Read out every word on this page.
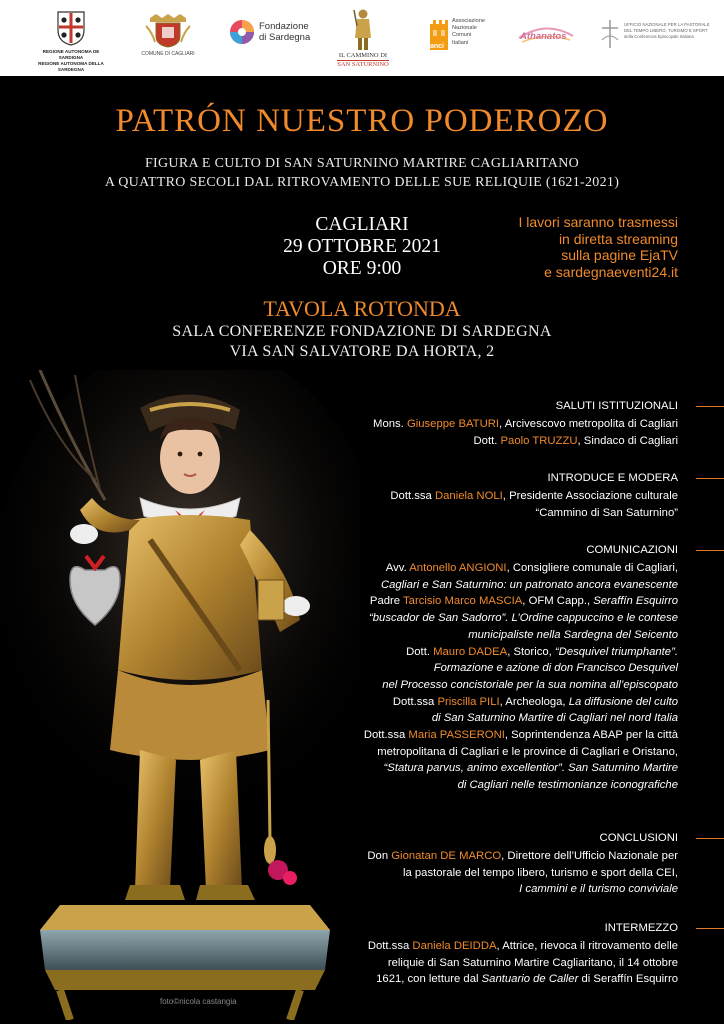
REGIONE AUTONOMA DE SARDIGNA
REGIONE AUTONOMA DELLA SARDEGNA
COMUNE DI CAGLIARI
Fondazione
di Sardegna
IL CAMMINO DI
SAN SATURNINO
anci
Associazione
Nazionale
Comuni
Italiani
Athanatos
UFFICIO NAZIONALE PER LA PASTORALE
DEL TEMPO LIBERO, TURISMO E SPORT
della Conferenza Episcopale Italiana
PATRÓN NUESTRO PODEROZO
FIGURA E CULTO DI SAN SATURNINO MARTIRE CAGLIARITANO
A QUATTRO SECOLI DAL RITROVAMENTO DELLE SUE RELIQUIE (1621-2021)
CAGLIARI
29 OTTOBRE 2021
ORE 9:00
I lavori saranno trasmessi
in diretta streaming
sulla pagine EjaTV
e sardegnaeventi24.it
TAVOLA ROTONDA
SALA CONFERENZE FONDAZIONE DI SARDEGNA
VIA SAN SALVATORE DA HORTA, 2
foto©nicola castangia
SALUTI ISTITUZIONALI
Mons. Giuseppe BATURI, Arcivescovo metropolita di Cagliari
Dott. Paolo TRUZZU, Sindaco di Cagliari
INTRODUCE E MODERA
Dott.ssa Daniela NOLI, Presidente Associazione culturale
“Cammino di San Saturnino”
COMUNICAZIONI
Avv. Antonello ANGIONI, Consigliere comunale di Cagliari,
Cagliari e San Saturnino: un patronato ancora evanescente
Padre Tarcisio Marco MASCIA, OFM Capp., Seraffín Esquirro
“buscador de San Sadorro”. L’Ordine cappuccino e le contese
municipaliste nella Sardegna del Seicento
Dott. Mauro DADEA, Storico, “Desquivel triumphante”.
Formazione e azione di don Francisco Desquivel
nel Processo concistoriale per la sua nomina all’episcopato
Dott.ssa Priscilla PILI, Archeologa, La diffusione del culto
di San Saturnino Martire di Cagliari nel nord Italia
Dott.ssa Maria PASSERONI, Soprintendenza ABAP per la città
metropolitana di Cagliari e le province di Cagliari e Oristano,
“Statura parvus, animo excellentior”. San Saturnino Martire
di Cagliari nelle testimonianze iconografiche
CONCLUSIONI
Don Gionatan DE MARCO, Direttore dell’Ufficio Nazionale per
la pastorale del tempo libero, turismo e sport della CEI,
I cammini e il turismo conviviale
INTERMEZZO
Dott.ssa Daniela DEIDDA, Attrice, rievoca il ritrovamento delle
reliquie di San Saturnino Martire Cagliaritano, il 14 ottobre
1621, con letture dal Santuario de Caller di Seraffín Esquirro
